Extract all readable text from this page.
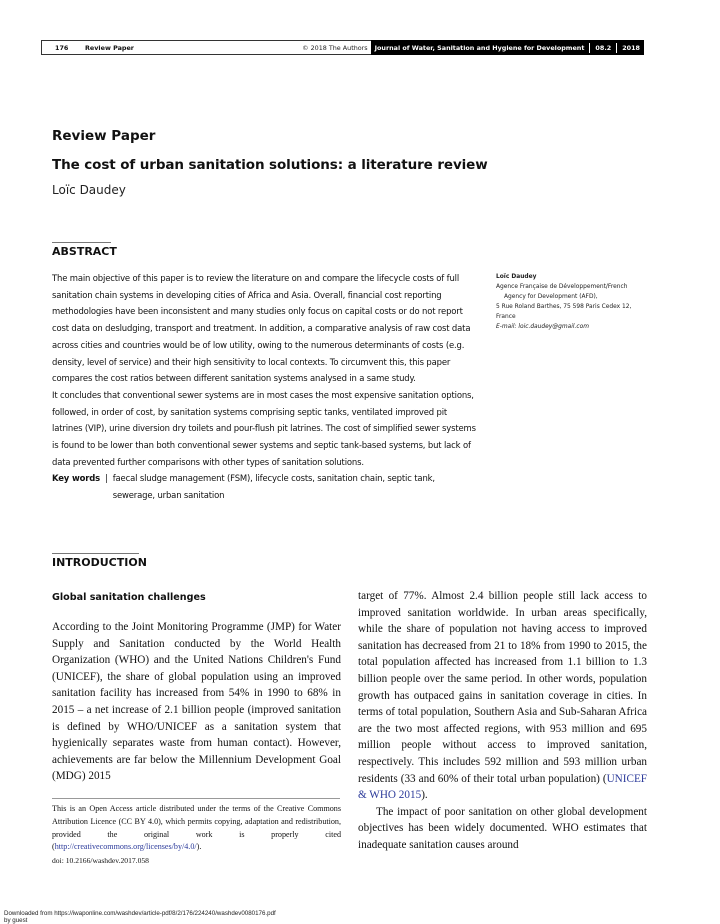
176	Review Paper	© 2018 The Authors Journal of Water, Sanitation and Hygiene for Development 08.2 2018
Review Paper
The cost of urban sanitation solutions: a literature review
Loïc Daudey
ABSTRACT

The main objective of this paper is to review the literature on and compare the lifecycle costs of full sanitation chain systems in developing cities of Africa and Asia. Overall, financial cost reporting methodologies have been inconsistent and many studies only focus on capital costs or do not report cost data on desludging, transport and treatment. In addition, a comparative analysis of raw cost data across cities and countries would be of low utility, owing to the numerous determinants of costs (e.g. density, level of service) and their high sensitivity to local contexts. To circumvent this, this paper compares the cost ratios between different sanitation systems analysed in a same study.

It concludes that conventional sewer systems are in most cases the most expensive sanitation options, followed, in order of cost, by sanitation systems comprising septic tanks, ventilated improved pit latrines (VIP), urine diversion dry toilets and pour-flush pit latrines. The cost of simplified sewer systems is found to be lower than both conventional sewer systems and septic tank-based systems, but lack of data prevented further comparisons with other types of sanitation solutions.

Key words | faecal sludge management (FSM), lifecycle costs, sanitation chain, septic tank, sewerage, urban sanitation
Loïc Daudey
Agence Française de Développement/French
Agency for Development (AFD),
5 Rue Roland Barthes, 75 598 Paris Cedex 12,
France
E-mail: loic.daudey@gmail.com
INTRODUCTION
Global sanitation challenges

According to the Joint Monitoring Programme (JMP) for Water Supply and Sanitation conducted by the World Health Organization (WHO) and the United Nations Children's Fund (UNICEF), the share of global population using an improved sanitation facility has increased from 54% in 1990 to 68% in 2015 – a net increase of 2.1 billion people (improved sanitation is defined by WHO/UNICEF as a sanitation system that hygienically separates waste from human contact). However, achievements are far below the Millennium Development Goal (MDG) 2015

target of 77%. Almost 2.4 billion people still lack access to improved sanitation worldwide. In urban areas specifically, while the share of population not having access to improved sanitation has decreased from 21 to 18% from 1990 to 2015, the total population affected has increased from 1.1 billion to 1.3 billion people over the same period. In other words, population growth has outpaced gains in sanitation coverage in cities. In terms of total population, Southern Asia and Sub-Saharan Africa are the two most affected regions, with 953 million and 695 million people without access to improved sanitation, respectively. This includes 592 million and 593 million urban residents (33 and 60% of their total urban population) (UNICEF & WHO 2015).

The impact of poor sanitation on other global development objectives has been widely documented. WHO estimates that inadequate sanitation causes around

This is an Open Access article distributed under the terms of the Creative Commons Attribution Licence (CC BY 4.0), which permits copying, adaptation and redistribution, provided the original work is properly cited (http://creativecommons.org/licenses/by/4.0/).

doi: 10.2166/washdev.2017.058
Downloaded from https://iwaponline.com/washdev/article-pdf/8/2/176/224240/washdev0080176.pdf
by guest
